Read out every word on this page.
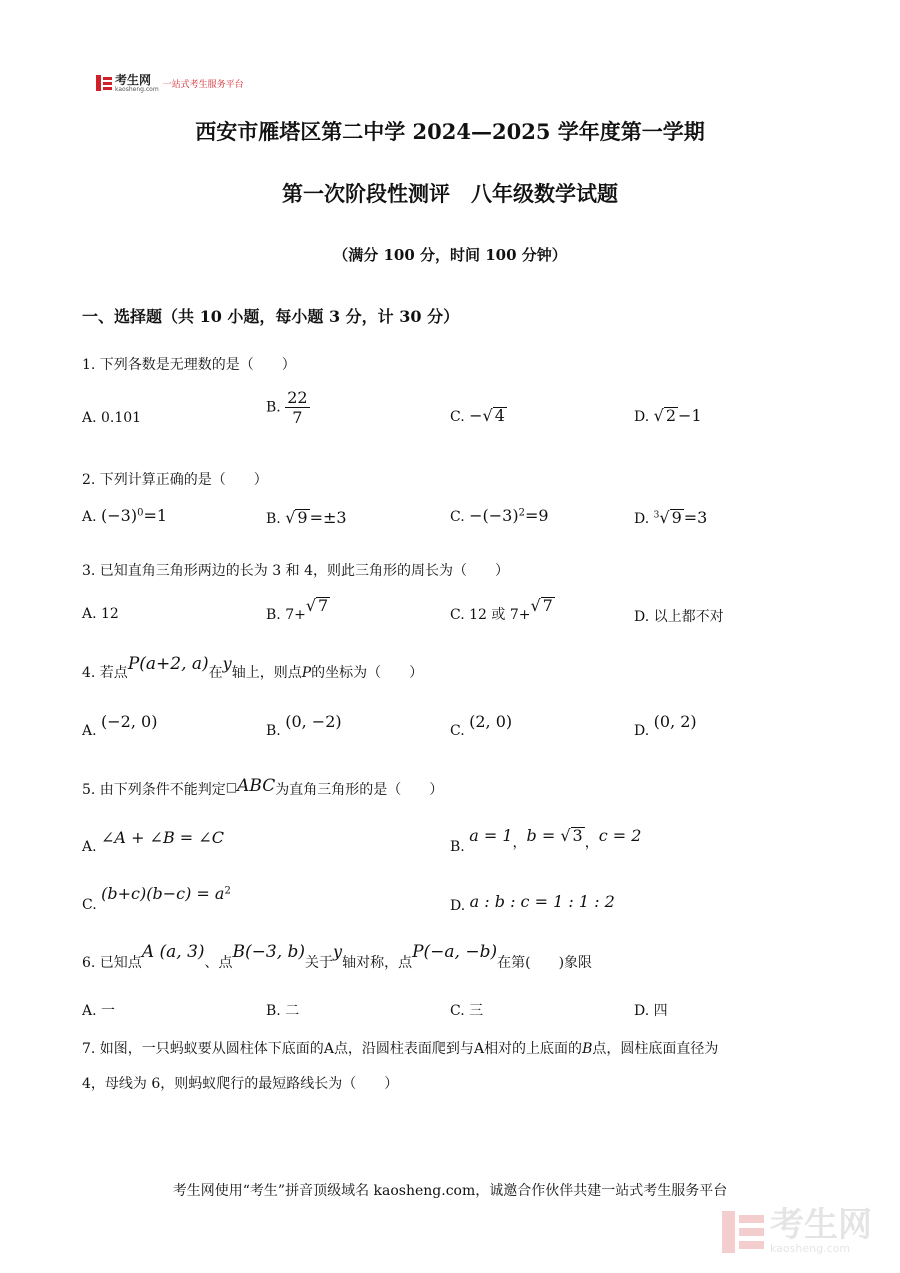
考生网
kaosheng.com 一站式考生服务平台
西安市雁塔区第二中学 2024—2025 学年度第一学期
第一次阶段性测评　八年级数学试题
（满分 100 分，时间 100 分钟）
一、选择题（共 10 小题，每小题 3 分，计 30 分）
1. 下列各数是无理数的是（　　）
A. 0.101
B. $\frac{22}{7}$	C. −√ 4	D. √ 2 −1
2. 下列计算正确的是（　　）
A. $(-3)^0=1$	B. √ 9 =±3	C. $-(-3)^2=9$	D. $^3$√ 9 =3
3. 已知直角三角形两边的长为 3 和 4，则此三角形的周长为（　　）
A. 12	B. 7+√ 7	C. 12 或 7+√ 7
D. 以上都不对
4. 若点P(a+2, a)在y轴上，则点P的坐标为（　　）
A. (−2, 0)	B. (0, −2)	C. (2, 0)	D. (0, 2)
5. 由下列条件不能判定□ABC为直角三角形的是（　　）
A. ∠A + ∠B = ∠C	B. a = 1，b = √ 3 ，c = 2
C. $(b+c)(b-c) = a^2$
D. a : b : c = 1 : 1 : 2
6. 已知点A (a, 3)、点B(−3, b)关于y轴对称，点P(−a, −b)在第(　　)象限
A. 一	B. 二	C. 三	D. 四
7. 如图，一只蚂蚁要从圆柱体下底面的A点，沿圆柱表面爬到与A相对的上底面的B点，圆柱底面直径为
4，母线为 6，则蚂蚁爬行的最短路线长为（　　）
考生网使用“考生”拼音顶级域名 kaosheng.com，诚邀合作伙伴共建一站式考生服务平台
考生网
kaosheng.com
